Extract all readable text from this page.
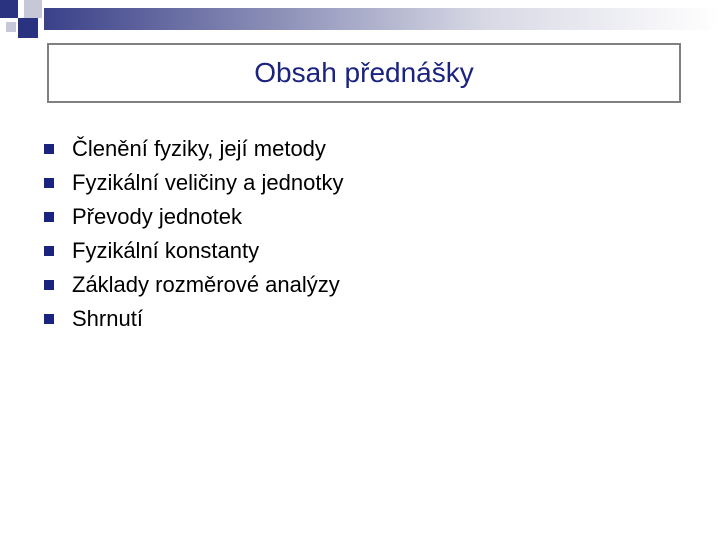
Obsah přednášky
Členění fyziky, její metody
Fyzikální veličiny a jednotky
Převody jednotek
Fyzikální konstanty
Základy rozměrové analýzy
Shrnutí
